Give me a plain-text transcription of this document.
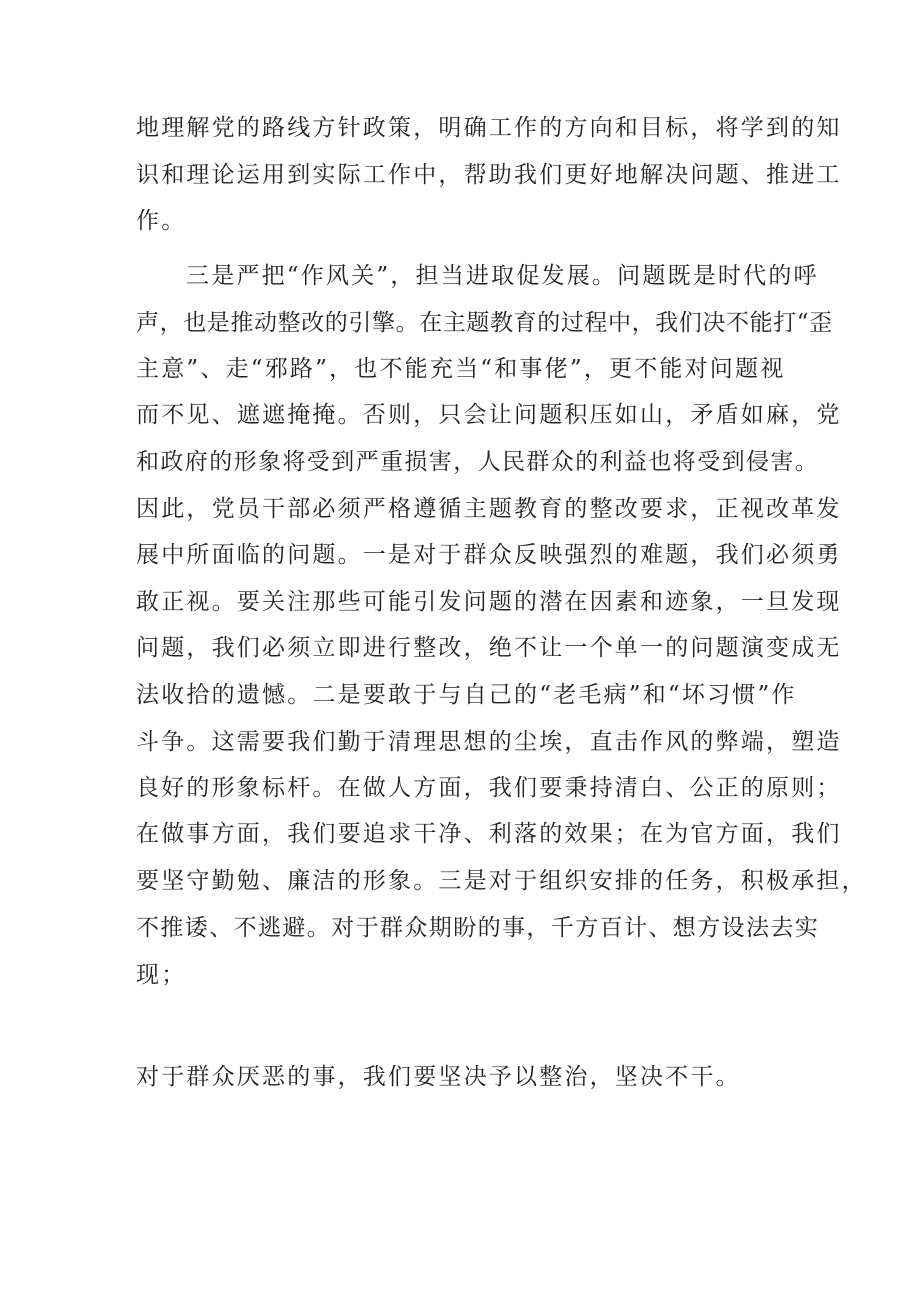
地理解党的路线方针政策，明确工作的方向和目标，将学到的知
识和理论运用到实际工作中，帮助我们更好地解决问题、推进工
作。
三是严把“作风关”，担当进取促发展。问题既是时代的呼
声，也是推动整改的引擎。在主题教育的过程中，我们决不能打“歪
主意”、走“邪路”，也不能充当“和事佬”，更不能对问题视
而不见、遮遮掩掩。否则，只会让问题积压如山，矛盾如麻，党
和政府的形象将受到严重损害，人民群众的利益也将受到侵害。
因此，党员干部必须严格遵循主题教育的整改要求，正视改革发
展中所面临的问题。一是对于群众反映强烈的难题，我们必须勇
敢正视。要关注那些可能引发问题的潜在因素和迹象，一旦发现
问题，我们必须立即进行整改，绝不让一个单一的问题演变成无
法收拾的遗憾。二是要敢于与自己的“老毛病”和“坏习惯”作
斗争。这需要我们勤于清理思想的尘埃，直击作风的弊端，塑造
良好的形象标杆。在做人方面，我们要秉持清白、公正的原则；
在做事方面，我们要追求干净、利落的效果；在为官方面，我们
要坚守勤勉、廉洁的形象。三是对于组织安排的任务，积极承担，
不推诿、不逃避。对于群众期盼的事，千方百计、想方设法去实
现；
对于群众厌恶的事，我们要坚决予以整治，坚决不干。
